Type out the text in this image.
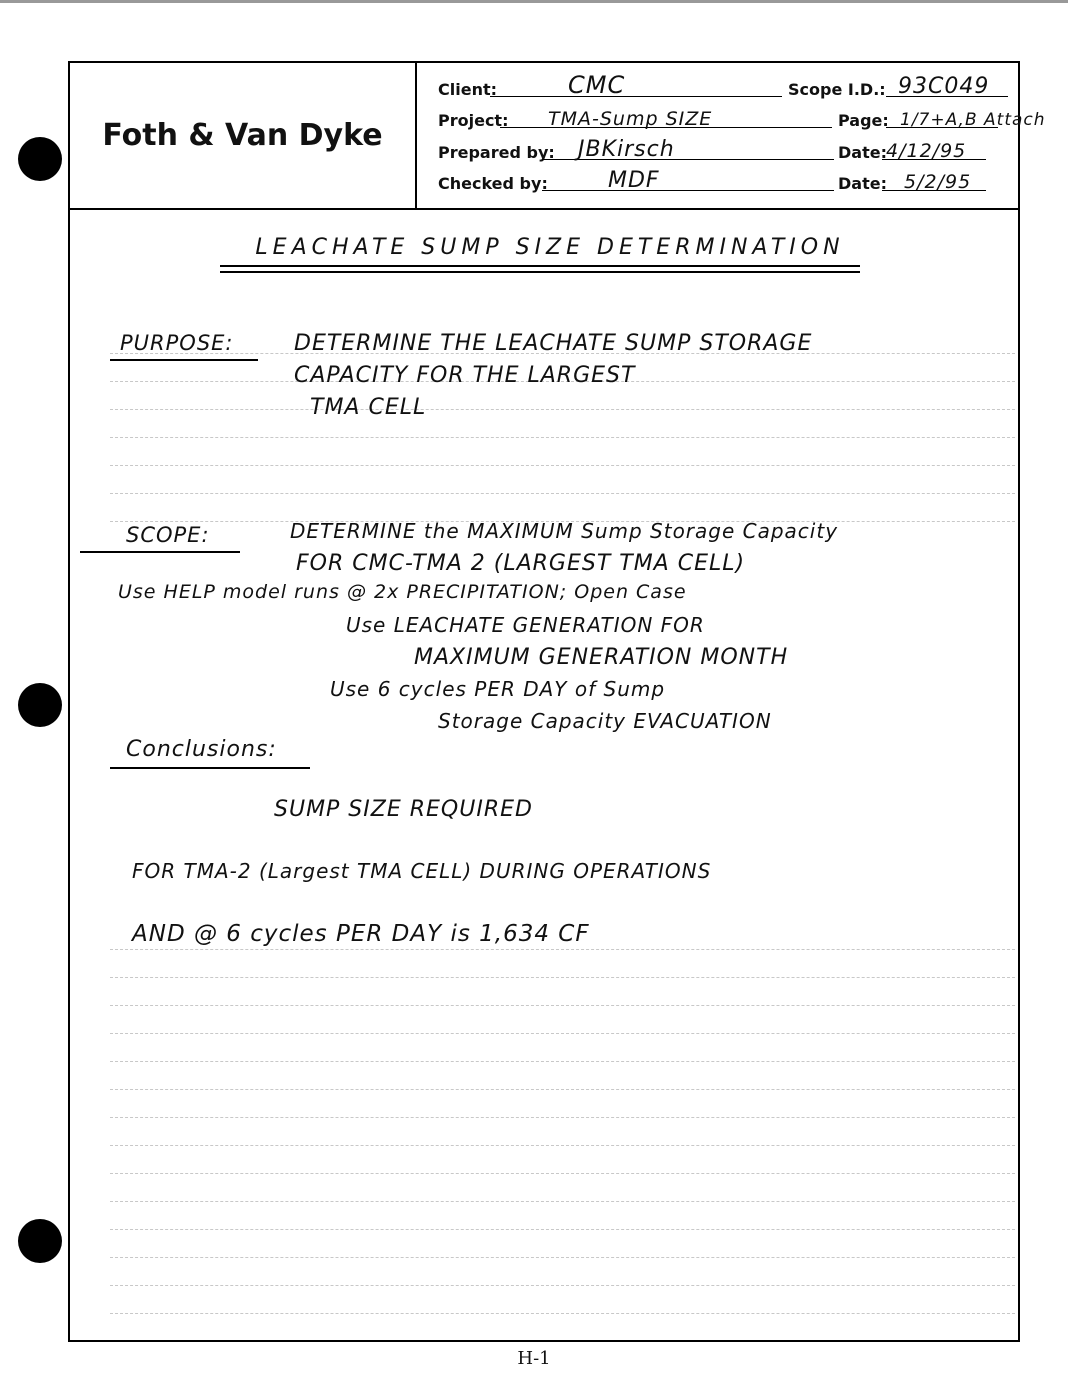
Foth & Van Dyke
Client:	CMC	Scope I.D.: 93C049
Project: TMA-Sump SIZE	Page: 1/7+A,B Attach
Prepared by: JBKirsch	Date: 4/12/95
Checked by:	MDF	Date: 5/2/95
LEACHATE SUMP SIZE DETERMINATION
PURPOSE:	DETERMINE THE LEACHATE SUMP STORAGE
CAPACITY FOR THE LARGEST
TMA CELL
SCOPE:	DETERMINE the MAXIMUM Sump Storage Capacity
FOR CMC-TMA 2 (LARGEST TMA CELL)
Use HELP model runs @ 2x PRECIPITATION; Open Case
Use LEACHATE GENERATION FOR
MAXIMUM GENERATION MONTH
Use 6 cycles PER DAY of Sump
Storage Capacity EVACUATION
Conclusions:
SUMP SIZE REQUIRED
FOR TMA-2 (Largest TMA CELL) DURING OPERATIONS
AND @ 6 cycles PER DAY is 1,634 CF
H-1
